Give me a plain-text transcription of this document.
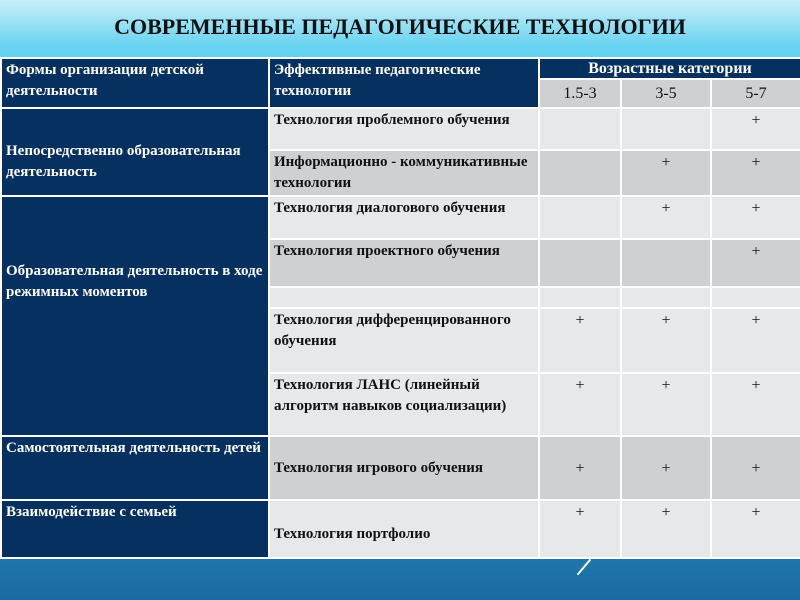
СОВРЕМЕННЫЕ ПЕДАГОГИЧЕСКИЕ ТЕХНОЛОГИИ
Формы организации детской деятельности	Эффективные педагогические технологии	Возрастные категории		
		1.5-3	3-5	5-7
Непосредственно образовательная деятельность	Технология проблемного обучения			+
	Информационно - коммуникативные технологии		+	+
Образовательная деятельность в ходе режимных моментов	Технология диалогового обучения		+	+
	Технология проектного обучения			+

	Технология дифференцированного обучения	+	+	+
	Технология ЛАНС (линейный алгоритм навыков социализации)	+	+	+
Самостоятельная деятельность детей	Технология игрового обучения	+	+	+
Взаимодействие с семьей	Технология портфолио	+	+	+
